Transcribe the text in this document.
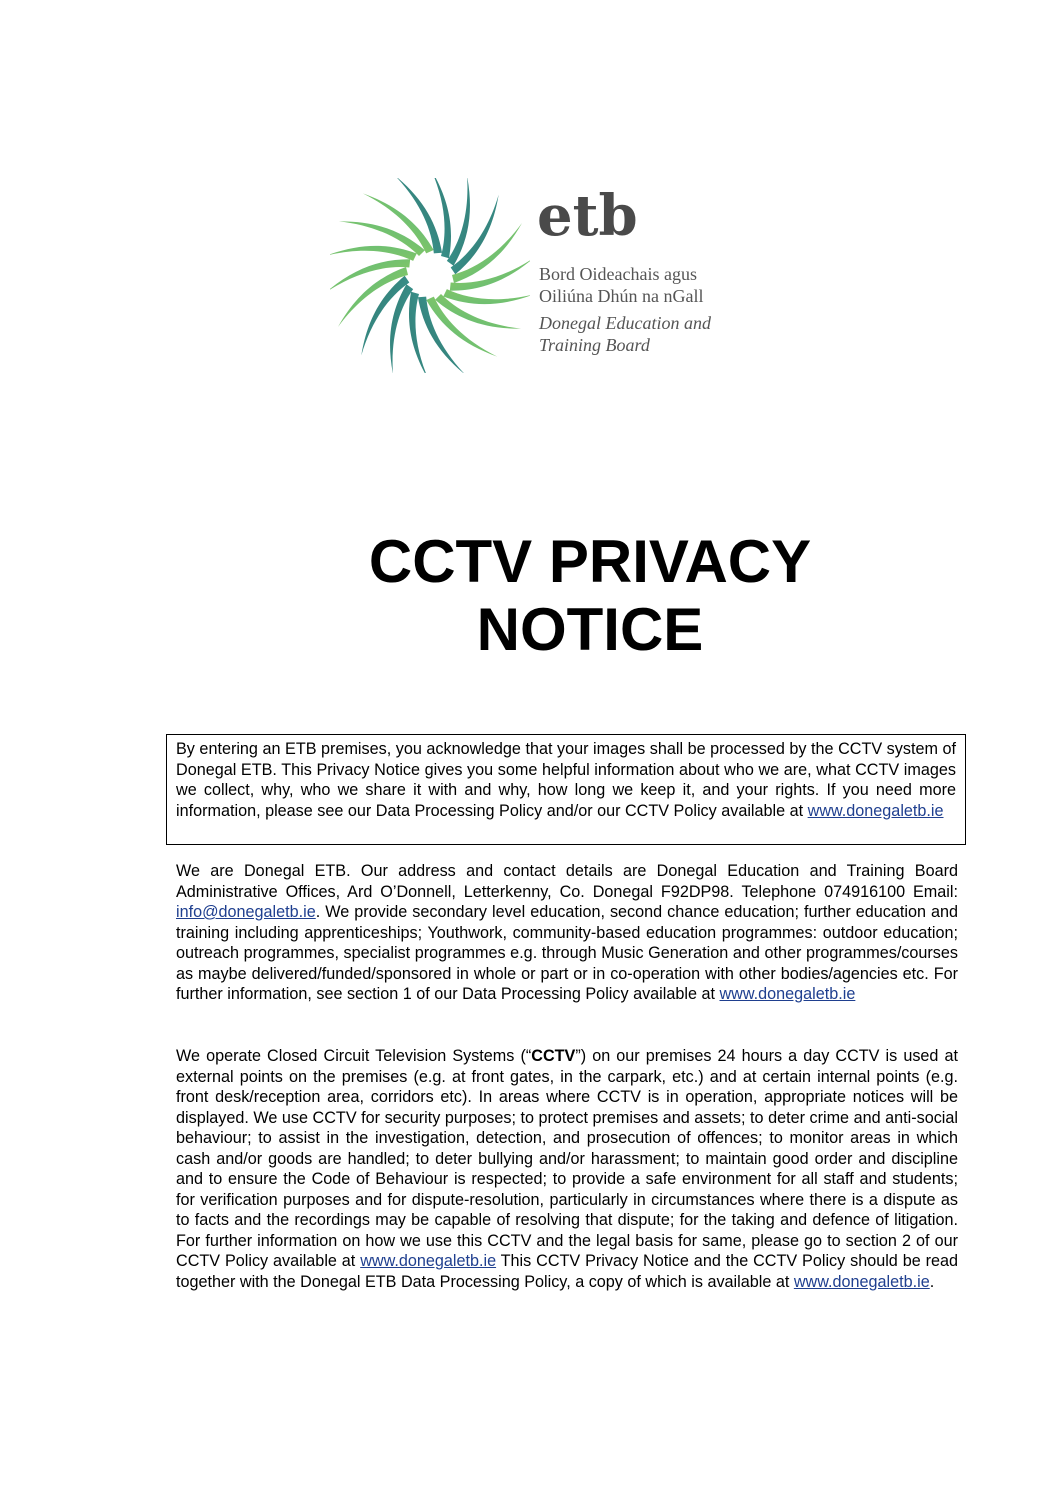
etb
Bord Oideachais agus
Oiliúna Dhún na nGall
Donegal Education and
Training Board
CCTV PRIVACY
NOTICE

By entering an ETB premises, you acknowledge that your images shall be processed by the CCTV system of Donegal ETB. This Privacy Notice gives you some helpful information about who we are, what CCTV images we collect, why, who we share it with and why, how long we keep it, and your rights. If you need more information, please see our Data Processing Policy and/or our CCTV Policy available at www.donegaletb.ie

We are Donegal ETB. Our address and contact details are Donegal Education and Training Board Administrative Offices, Ard O’Donnell, Letterkenny, Co. Donegal F92DP98. Telephone 074916100 Email: info@donegaletb.ie. We provide secondary level education, second chance education; further education and training including apprenticeships; Youthwork, community-based education programmes: outdoor education; outreach programmes, specialist programmes e.g. through Music Generation and other programmes/courses as maybe delivered/funded/sponsored in whole or part or in co-operation with other bodies/agencies etc. For further information, see section 1 of our Data Processing Policy available at www.donegaletb.ie

We operate Closed Circuit Television Systems (“CCTV”) on our premises 24 hours a day CCTV is used at external points on the premises (e.g. at front gates, in the carpark, etc.) and at certain internal points (e.g. front desk/reception area, corridors etc). In areas where CCTV is in operation, appropriate notices will be displayed. We use CCTV for security purposes; to protect premises and assets; to deter crime and anti-social behaviour; to assist in the investigation, detection, and prosecution of offences; to monitor areas in which cash and/or goods are handled; to deter bullying and/or harassment; to maintain good order and discipline and to ensure the Code of Behaviour is respected; to provide a safe environment for all staff and students; for verification purposes and for dispute-resolution, particularly in circumstances where there is a dispute as to facts and the recordings may be capable of resolving that dispute; for the taking and defence of litigation. For further information on how we use this CCTV and the legal basis for same, please go to section 2 of our CCTV Policy available at www.donegaletb.ie This CCTV Privacy Notice and the CCTV Policy should be read together with the Donegal ETB Data Processing Policy, a copy of which is available at www.donegaletb.ie.
